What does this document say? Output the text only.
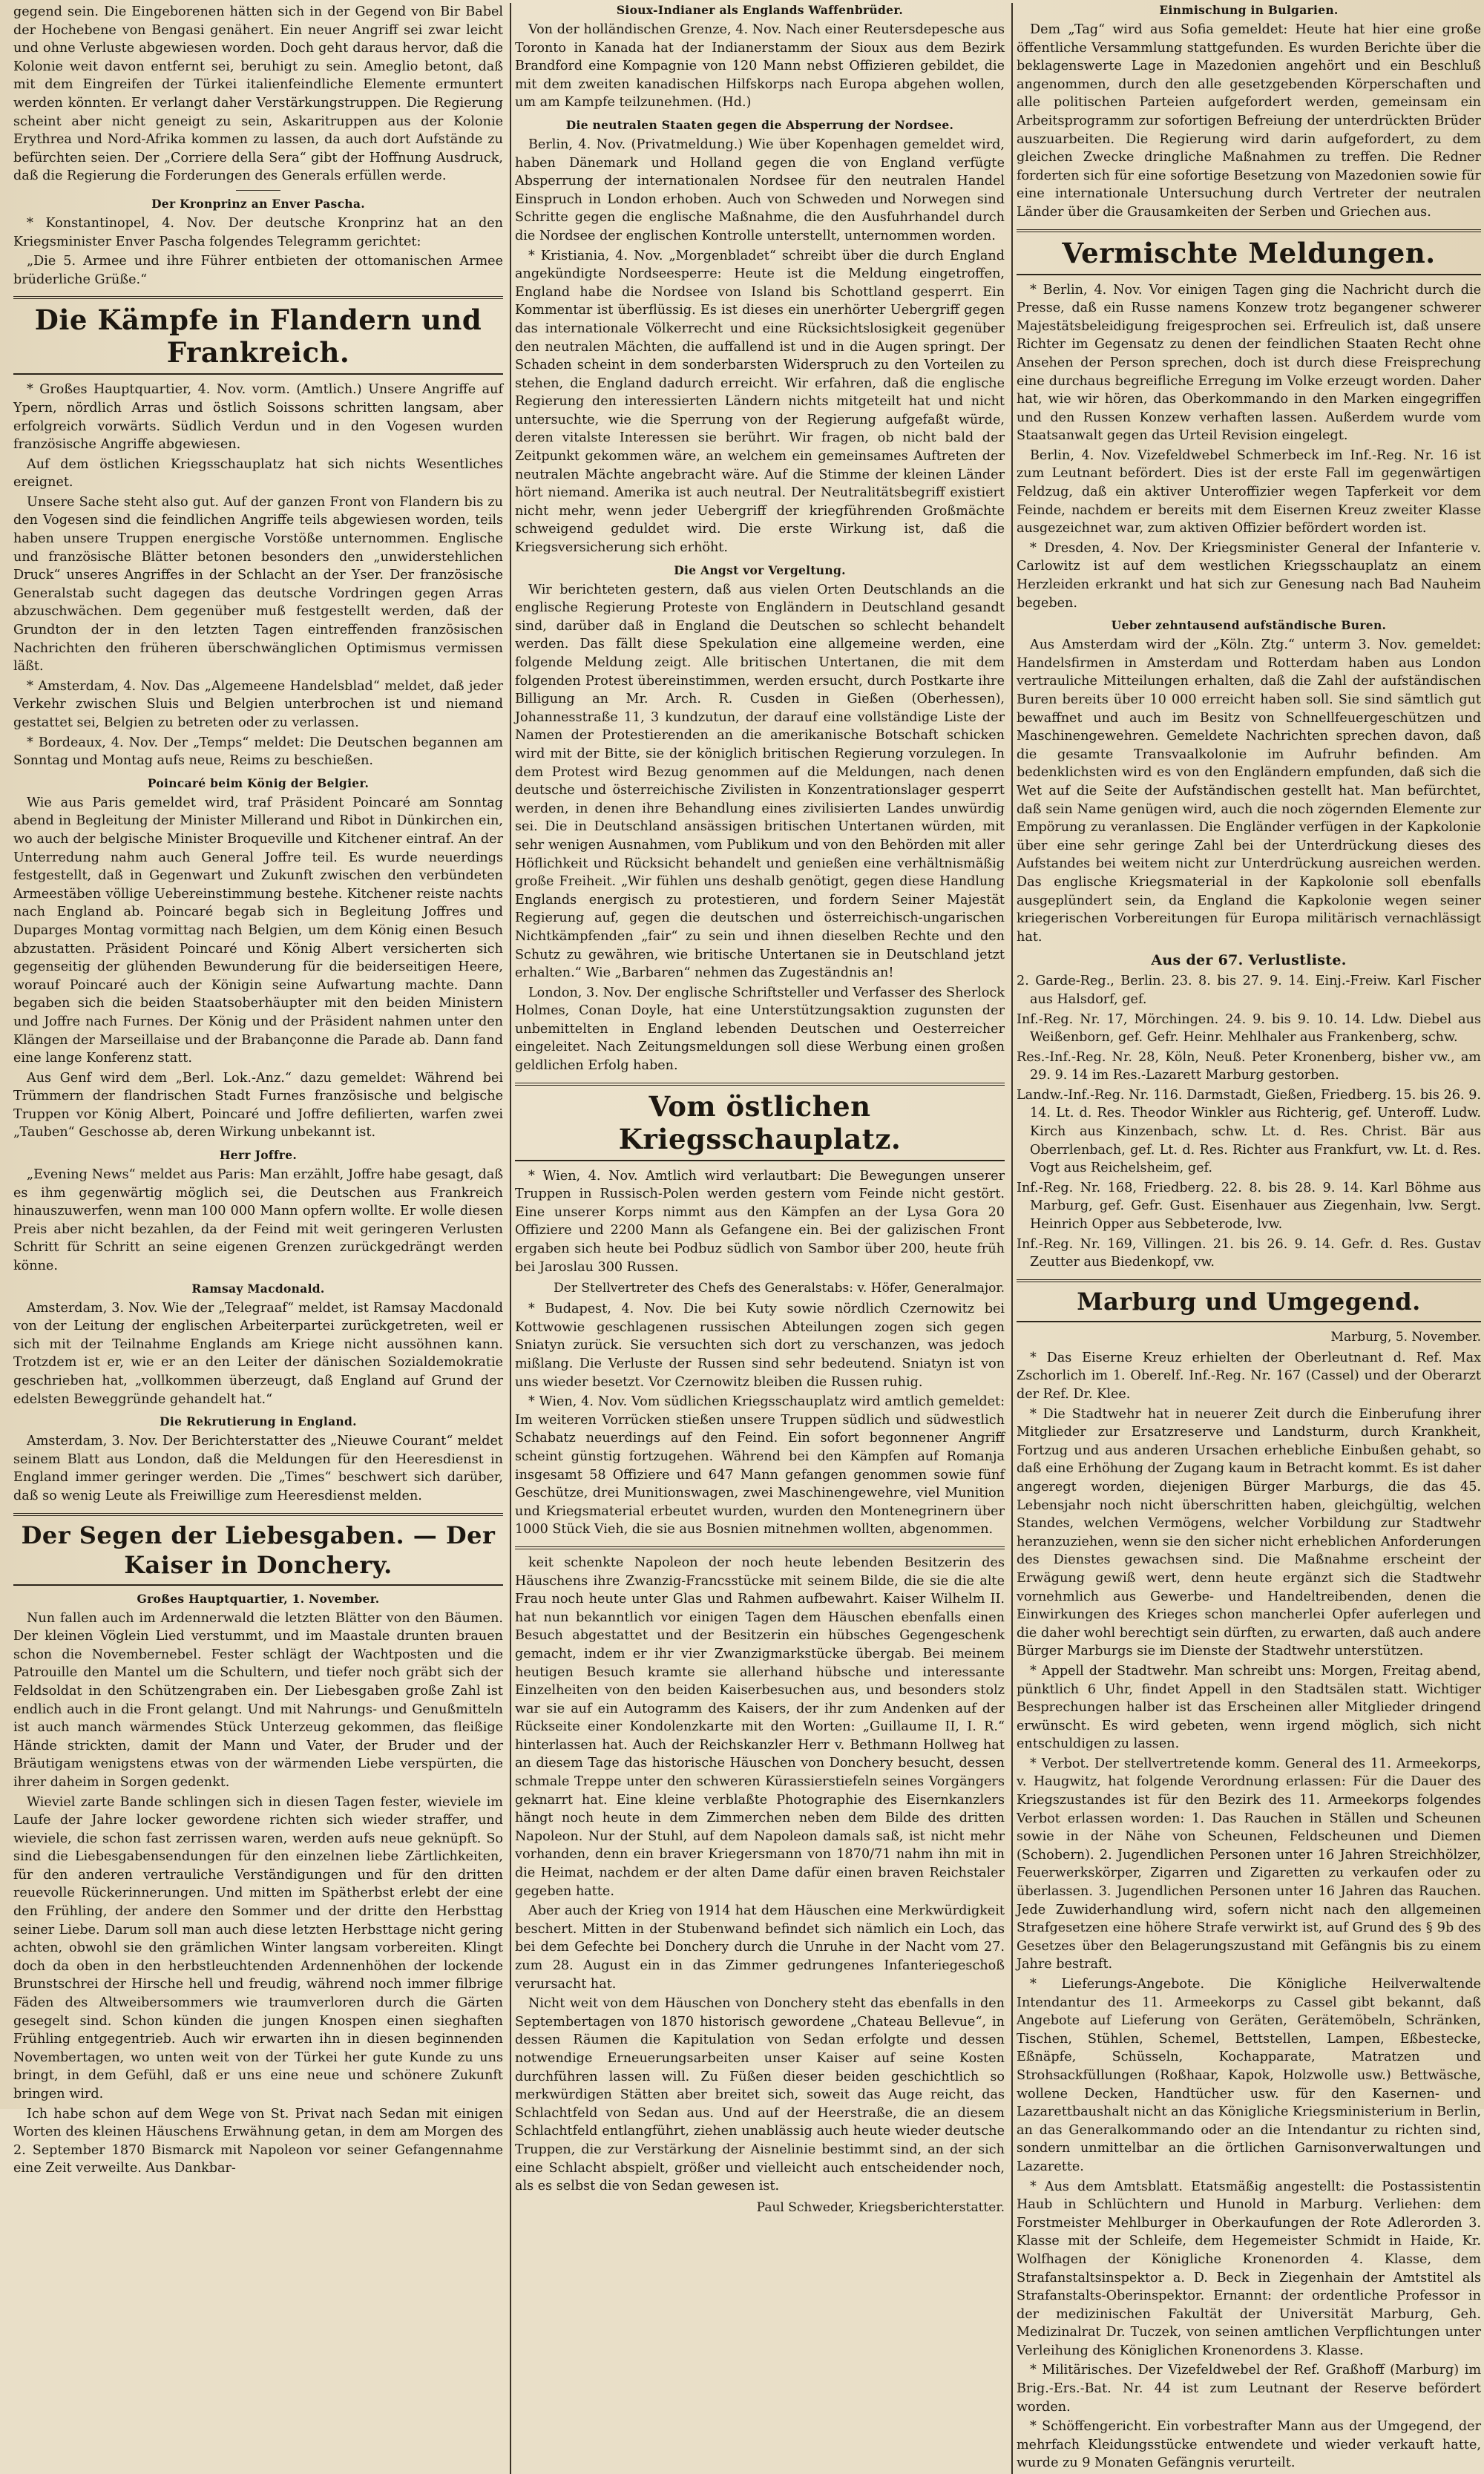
gegend sein. Die Eingeborenen hätten sich in der Gegend von Bir Babel der Hochebene von Bengasi genähert. Ein neuer Angriff sei zwar leicht und ohne Verluste abgewiesen worden. Doch geht daraus hervor, daß die Kolonie weit davon entfernt sei, beruhigt zu sein. Ameglio betont, daß mit dem Eingreifen der Türkei italienfeindliche Elemente ermuntert werden könnten. Er verlangt daher Verstärkungstruppen. Die Regierung scheint aber nicht geneigt zu sein, Askaritruppen aus der Kolonie Erythrea und Nord-Afrika kommen zu lassen, da auch dort Aufstände zu befürchten seien. Der „Corriere della Sera“ gibt der Hoffnung Ausdruck, daß die Regierung die Forderungen des Generals erfüllen werde.

Der Kronprinz an Enver Pascha.

* Konstantinopel, 4. Nov. Der deutsche Kronprinz hat an den Kriegsminister Enver Pascha folgendes Telegramm gerichtet:

„Die 5. Armee und ihre Führer entbieten der ottomanischen Armee brüderliche Grüße.“

Die Kämpfe in Flandern und Frankreich.

* Großes Hauptquartier, 4. Nov. vorm. (Amtlich.) Unsere Angriffe auf Ypern, nördlich Arras und östlich Soissons schritten langsam, aber erfolgreich vorwärts. Südlich Verdun und in den Vogesen wurden französische Angriffe abgewiesen.

Auf dem östlichen Kriegsschauplatz hat sich nichts Wesentliches ereignet.

Unsere Sache steht also gut. Auf der ganzen Front von Flandern bis zu den Vogesen sind die feindlichen Angriffe teils abgewiesen worden, teils haben unsere Truppen energische Vorstöße unternommen. Englische und französische Blätter betonen besonders den „unwiderstehlichen Druck“ unseres Angriffes in der Schlacht an der Yser. Der französische Generalstab sucht dagegen das deutsche Vordringen gegen Arras abzuschwächen. Dem gegenüber muß festgestellt werden, daß der Grundton der in den letzten Tagen eintreffenden französischen Nachrichten den früheren überschwänglichen Optimismus vermissen läßt.

* Amsterdam, 4. Nov. Das „Algemeene Handelsblad“ meldet, daß jeder Verkehr zwischen Sluis und Belgien unterbrochen ist und niemand gestattet sei, Belgien zu betreten oder zu verlassen.

* Bordeaux, 4. Nov. Der „Temps“ meldet: Die Deutschen begannen am Sonntag und Montag aufs neue, Reims zu beschießen.

Poincaré beim König der Belgier.

Wie aus Paris gemeldet wird, traf Präsident Poincaré am Sonntag abend in Begleitung der Minister Millerand und Ribot in Dünkirchen ein, wo auch der belgische Minister Broqueville und Kitchener eintraf. An der Unterredung nahm auch General Joffre teil. Es wurde neuerdings festgestellt, daß in Gegenwart und Zukunft zwischen den verbündeten Armeestäben völlige Uebereinstimmung bestehe. Kitchener reiste nachts nach England ab. Poincaré begab sich in Begleitung Joffres und Duparges Montag vormittag nach Belgien, um dem König einen Besuch abzustatten. Präsident Poincaré und König Albert versicherten sich gegenseitig der glühenden Bewunderung für die beiderseitigen Heere, worauf Poincaré auch der Königin seine Aufwartung machte. Dann begaben sich die beiden Staatsoberhäupter mit den beiden Ministern und Joffre nach Furnes. Der König und der Präsident nahmen unter den Klängen der Marseillaise und der Brabançonne die Parade ab. Dann fand eine lange Konferenz statt.

Aus Genf wird dem „Berl. Lok.-Anz.“ dazu gemeldet: Während bei Trümmern der flandrischen Stadt Furnes französische und belgische Truppen vor König Albert, Poincaré und Joffre defilierten, warfen zwei „Tauben“ Geschosse ab, deren Wirkung unbekannt ist.

Herr Joffre.

„Evening News“ meldet aus Paris: Man erzählt, Joffre habe gesagt, daß es ihm gegenwärtig möglich sei, die Deutschen aus Frankreich hinauszuwerfen, wenn man 100 000 Mann opfern wollte. Er wolle diesen Preis aber nicht bezahlen, da der Feind mit weit geringeren Verlusten Schritt für Schritt an seine eigenen Grenzen zurückgedrängt werden könne.

Ramsay Macdonald.

Amsterdam, 3. Nov. Wie der „Telegraaf“ meldet, ist Ramsay Macdonald von der Leitung der englischen Arbeiterpartei zurückgetreten, weil er sich mit der Teilnahme Englands am Kriege nicht aussöhnen kann. Trotzdem ist er, wie er an den Leiter der dänischen Sozialdemokratie geschrieben hat, „vollkommen überzeugt, daß England auf Grund der edelsten Beweggründe gehandelt hat.“

Die Rekrutierung in England.

Amsterdam, 3. Nov. Der Berichterstatter des „Nieuwe Courant“ meldet seinem Blatt aus London, daß die Meldungen für den Heeresdienst in England immer geringer werden. Die „Times“ beschwert sich darüber, daß so wenig Leute als Freiwillige zum Heeresdienst melden.

Der Segen der Liebesgaben. — Der Kaiser in Donchery.
Großes Hauptquartier, 1. November.

Nun fallen auch im Ardennerwald die letzten Blätter von den Bäumen. Der kleinen Vöglein Lied verstummt, und im Maastale drunten brauen schon die Novembernebel. Fester schlägt der Wachtposten und die Patrouille den Mantel um die Schultern, und tiefer noch gräbt sich der Feldsoldat in den Schützengraben ein. Der Liebesgaben große Zahl ist endlich auch in die Front gelangt. Und mit Nahrungs- und Genußmitteln ist auch manch wärmendes Stück Unterzeug gekommen, das fleißige Hände strickten, damit der Mann und Vater, der Bruder und der Bräutigam wenigstens etwas von der wärmenden Liebe verspürten, die ihrer daheim in Sorgen gedenkt.

Wieviel zarte Bande schlingen sich in diesen Tagen fester, wieviele im Laufe der Jahre locker gewordene richten sich wieder straffer, und wieviele, die schon fast zerrissen waren, werden aufs neue geknüpft. So sind die Liebesgabensendungen für den einzelnen liebe Zärtlichkeiten, für den anderen vertrauliche Verständigungen und für den dritten reuevolle Rückerinnerungen. Und mitten im Spätherbst erlebt der eine den Frühling, der andere den Sommer und der dritte den Herbsttag seiner Liebe. Darum soll man auch diese letzten Herbsttage nicht gering achten, obwohl sie den grämlichen Winter langsam vorbereiten. Klingt doch da oben in den herbstleuchtenden Ardennenhöhen der lockende Brunstschrei der Hirsche hell und freudig, während noch immer filbrige Fäden des Altweibersommers wie traumverloren durch die Gärten gesegelt sind. Schon künden die jungen Knospen einen sieghaften Frühling entgegentrieb. Auch wir erwarten ihn in diesen beginnenden Novembertagen, wo unten weit von der Türkei her gute Kunde zu uns bringt, in dem Gefühl, daß er uns eine neue und schönere Zukunft bringen wird.

Ich habe schon auf dem Wege von St. Privat nach Sedan mit einigen Worten des kleinen Häuschens Erwähnung getan, in dem am Morgen des 2. September 1870 Bismarck mit Napoleon vor seiner Gefangennahme eine Zeit verweilte. Aus Dankbar-

Sioux-Indianer als Englands Waffenbrüder.

Von der holländischen Grenze, 4. Nov. Nach einer Reutersdepesche aus Toronto in Kanada hat der Indianerstamm der Sioux aus dem Bezirk Brandford eine Kompagnie von 120 Mann nebst Offizieren gebildet, die mit dem zweiten kanadischen Hilfskorps nach Europa abgehen wollen, um am Kampfe teilzunehmen. (Hd.)

Die neutralen Staaten gegen die Absperrung der Nordsee.

Berlin, 4. Nov. (Privatmeldung.) Wie über Kopenhagen gemeldet wird, haben Dänemark und Holland gegen die von England verfügte Absperrung der internationalen Nordsee für den neutralen Handel Einspruch in London erhoben. Auch von Schweden und Norwegen sind Schritte gegen die englische Maßnahme, die den Ausfuhrhandel durch die Nordsee der englischen Kontrolle unterstellt, unternommen worden.

* Kristiania, 4. Nov. „Morgenbladet“ schreibt über die durch England angekündigte Nordseesperre: Heute ist die Meldung eingetroffen, England habe die Nordsee von Island bis Schottland gesperrt. Ein Kommentar ist überflüssig. Es ist dieses ein unerhörter Uebergriff gegen das internationale Völkerrecht und eine Rücksichtslosigkeit gegenüber den neutralen Mächten, die auffallend ist und in die Augen springt. Der Schaden scheint in dem sonderbarsten Widerspruch zu den Vorteilen zu stehen, die England dadurch erreicht. Wir erfahren, daß die englische Regierung den interessierten Ländern nichts mitgeteilt hat und nicht untersuchte, wie die Sperrung von der Regierung aufgefaßt würde, deren vitalste Interessen sie berührt. Wir fragen, ob nicht bald der Zeitpunkt gekommen wäre, an welchem ein gemeinsames Auftreten der neutralen Mächte angebracht wäre. Auf die Stimme der kleinen Länder hört niemand. Amerika ist auch neutral. Der Neutralitätsbegriff existiert nicht mehr, wenn jeder Uebergriff der kriegführenden Großmächte schweigend geduldet wird. Die erste Wirkung ist, daß die Kriegsversicherung sich erhöht.

Die Angst vor Vergeltung.

Wir berichteten gestern, daß aus vielen Orten Deutschlands an die englische Regierung Proteste von Engländern in Deutschland gesandt sind, darüber daß in England die Deutschen so schlecht behandelt werden. Das fällt diese Spekulation eine allgemeine werden, eine folgende Meldung zeigt. Alle britischen Untertanen, die mit dem folgenden Protest übereinstimmen, werden ersucht, durch Postkarte ihre Billigung an Mr. Arch. R. Cusden in Gießen (Oberhessen), Johannesstraße 11, 3 kundzutun, der darauf eine vollständige Liste der Namen der Protestierenden an die amerikanische Botschaft schicken wird mit der Bitte, sie der königlich britischen Regierung vorzulegen. In dem Protest wird Bezug genommen auf die Meldungen, nach denen deutsche und österreichische Zivilisten in Konzentrationslager gesperrt werden, in denen ihre Behandlung eines zivilisierten Landes unwürdig sei. Die in Deutschland ansässigen britischen Untertanen würden, mit sehr wenigen Ausnahmen, vom Publikum und von den Behörden mit aller Höflichkeit und Rücksicht behandelt und genießen eine verhältnismäßig große Freiheit. „Wir fühlen uns deshalb genötigt, gegen diese Handlung Englands energisch zu protestieren, und fordern Seiner Majestät Regierung auf, gegen die deutschen und österreichisch-ungarischen Nichtkämpfenden „fair“ zu sein und ihnen dieselben Rechte und den Schutz zu gewähren, wie britische Untertanen sie in Deutschland jetzt erhalten.“ Wie „Barbaren“ nehmen das Zugeständnis an!

London, 3. Nov. Der englische Schriftsteller und Verfasser des Sherlock Holmes, Conan Doyle, hat eine Unterstützungsaktion zugunsten der unbemittelten in England lebenden Deutschen und Oesterreicher eingeleitet. Nach Zeitungsmeldungen soll diese Werbung einen großen geldlichen Erfolg haben.

Vom östlichen Kriegsschauplatz.

* Wien, 4. Nov. Amtlich wird verlautbart: Die Bewegungen unserer Truppen in Russisch-Polen werden gestern vom Feinde nicht gestört. Eine unserer Korps nimmt aus den Kämpfen an der Lysa Gora 20 Offiziere und 2200 Mann als Gefangene ein. Bei der galizischen Front ergaben sich heute bei Podbuz südlich von Sambor über 200, heute früh bei Jaroslau 300 Russen.

Der Stellvertreter des Chefs des Generalstabs: v. Höfer, Generalmajor.

* Budapest, 4. Nov. Die bei Kuty sowie nördlich Czernowitz bei Kottwowie geschlagenen russischen Abteilungen zogen sich gegen Sniatyn zurück. Sie versuchten sich dort zu verschanzen, was jedoch mißlang. Die Verluste der Russen sind sehr bedeutend. Sniatyn ist von uns wieder besetzt. Vor Czernowitz bleiben die Russen ruhig.

* Wien, 4. Nov. Vom südlichen Kriegsschauplatz wird amtlich gemeldet: Im weiteren Vorrücken stießen unsere Truppen südlich und südwestlich Schabatz neuerdings auf den Feind. Ein sofort begonnener Angriff scheint günstig fortzugehen. Während bei den Kämpfen auf Romanja insgesamt 58 Offiziere und 647 Mann gefangen genommen sowie fünf Geschütze, drei Munitionswagen, zwei Maschinengewehre, viel Munition und Kriegsmaterial erbeutet wurden, wurden den Montenegrinern über 1000 Stück Vieh, die sie aus Bosnien mitnehmen wollten, abgenommen.

keit schenkte Napoleon der noch heute lebenden Besitzerin des Häuschens ihre Zwanzig-Francsstücke mit seinem Bilde, die sie die alte Frau noch heute unter Glas und Rahmen aufbewahrt. Kaiser Wilhelm II. hat nun bekanntlich vor einigen Tagen dem Häuschen ebenfalls einen Besuch abgestattet und der Besitzerin ein hübsches Gegengeschenk gemacht, indem er ihr vier Zwanzigmarkstücke übergab. Bei meinem heutigen Besuch kramte sie allerhand hübsche und interessante Einzelheiten von den beiden Kaiserbesuchen aus, und besonders stolz war sie auf ein Autogramm des Kaisers, der ihr zum Andenken auf der Rückseite einer Kondolenzkarte mit den Worten: „Guillaume II, I. R.“ hinterlassen hat. Auch der Reichskanzler Herr v. Bethmann Hollweg hat an diesem Tage das historische Häuschen von Donchery besucht, dessen schmale Treppe unter den schweren Kürassierstiefeln seines Vorgängers geknarrt hat. Eine kleine verblaßte Photographie des Eisernkanzlers hängt noch heute in dem Zimmerchen neben dem Bilde des dritten Napoleon. Nur der Stuhl, auf dem Napoleon damals saß, ist nicht mehr vorhanden, denn ein braver Kriegersmann von 1870/71 nahm ihn mit in die Heimat, nachdem er der alten Dame dafür einen braven Reichstaler gegeben hatte.

Aber auch der Krieg von 1914 hat dem Häuschen eine Merkwürdigkeit beschert. Mitten in der Stubenwand befindet sich nämlich ein Loch, das bei dem Gefechte bei Donchery durch die Unruhe in der Nacht vom 27. zum 28. August ein in das Zimmer gedrungenes Infanteriegeschoß verursacht hat.

Nicht weit von dem Häuschen von Donchery steht das ebenfalls in den Septembertagen von 1870 historisch gewordene „Chateau Bellevue“, in dessen Räumen die Kapitulation von Sedan erfolgte und dessen notwendige Erneuerungsarbeiten unser Kaiser auf seine Kosten durchführen lassen will. Zu Füßen dieser beiden geschichtlich so merkwürdigen Stätten aber breitet sich, soweit das Auge reicht, das Schlachtfeld von Sedan aus. Und auf der Heerstraße, die an diesem Schlachtfeld entlangführt, ziehen unablässig auch heute wieder deutsche Truppen, die zur Verstärkung der Aisnelinie bestimmt sind, an der sich eine Schlacht abspielt, größer und vielleicht auch entscheidender noch, als es selbst die von Sedan gewesen ist.

Paul Schweder, Kriegsberichterstatter.
Einmischung in Bulgarien.

Dem „Tag“ wird aus Sofia gemeldet: Heute hat hier eine große öffentliche Versammlung stattgefunden. Es wurden Berichte über die beklagenswerte Lage in Mazedonien angehört und ein Beschluß angenommen, durch den alle gesetzgebenden Körperschaften und alle politischen Parteien aufgefordert werden, gemeinsam ein Arbeitsprogramm zur sofortigen Befreiung der unterdrückten Brüder auszuarbeiten. Die Regierung wird darin aufgefordert, zu dem gleichen Zwecke dringliche Maßnahmen zu treffen. Die Redner forderten sich für eine sofortige Besetzung von Mazedonien sowie für eine internationale Untersuchung durch Vertreter der neutralen Länder über die Grausamkeiten der Serben und Griechen aus.

Vermischte Meldungen.

* Berlin, 4. Nov. Vor einigen Tagen ging die Nachricht durch die Presse, daß ein Russe namens Konzew trotz begangener schwerer Majestätsbeleidigung freigesprochen sei. Erfreulich ist, daß unsere Richter im Gegensatz zu denen der feindlichen Staaten Recht ohne Ansehen der Person sprechen, doch ist durch diese Freisprechung eine durchaus begreifliche Erregung im Volke erzeugt worden. Daher hat, wie wir hören, das Oberkommando in den Marken eingegriffen und den Russen Konzew verhaften lassen. Außerdem wurde vom Staatsanwalt gegen das Urteil Revision eingelegt.

Berlin, 4. Nov. Vizefeldwebel Schmerbeck im Inf.-Reg. Nr. 16 ist zum Leutnant befördert. Dies ist der erste Fall im gegenwärtigen Feldzug, daß ein aktiver Unteroffizier wegen Tapferkeit vor dem Feinde, nachdem er bereits mit dem Eisernen Kreuz zweiter Klasse ausgezeichnet war, zum aktiven Offizier befördert worden ist.

* Dresden, 4. Nov. Der Kriegsminister General der Infanterie v. Carlowitz ist auf dem westlichen Kriegsschauplatz an einem Herzleiden erkrankt und hat sich zur Genesung nach Bad Nauheim begeben.

Ueber zehntausend aufständische Buren.

Aus Amsterdam wird der „Köln. Ztg.“ unterm 3. Nov. gemeldet: Handelsfirmen in Amsterdam und Rotterdam haben aus London vertrauliche Mitteilungen erhalten, daß die Zahl der aufständischen Buren bereits über 10 000 erreicht haben soll. Sie sind sämtlich gut bewaffnet und auch im Besitz von Schnellfeuergeschützen und Maschinengewehren. Gemeldete Nachrichten sprechen davon, daß die gesamte Transvaalkolonie im Aufruhr befinden. Am bedenklichsten wird es von den Engländern empfunden, daß sich die Wet auf die Seite der Aufständischen gestellt hat. Man befürchtet, daß sein Name genügen wird, auch die noch zögernden Elemente zur Empörung zu veranlassen. Die Engländer verfügen in der Kapkolonie über eine sehr geringe Zahl bei der Unterdrückung dieses des Aufstandes bei weitem nicht zur Unterdrückung ausreichen werden. Das englische Kriegsmaterial in der Kapkolonie soll ebenfalls ausgeplündert sein, da England die Kapkolonie wegen seiner kriegerischen Vorbereitungen für Europa militärisch vernachlässigt hat.

Aus der 67. Verlustliste.

2. Garde-Reg., Berlin. 23. 8. bis 27. 9. 14. Einj.-Freiw. Karl Fischer aus Halsdorf, gef.

Inf.-Reg. Nr. 17, Mörchingen. 24. 9. bis 9. 10. 14. Ldw. Diebel aus Weißenborn, gef. Gefr. Heinr. Mehlhaler aus Frankenberg, schw.

Res.-Inf.-Reg. Nr. 28, Köln, Neuß. Peter Kronenberg, bisher vw., am 29. 9. 14 im Res.-Lazarett Marburg gestorben.

Landw.-Inf.-Reg. Nr. 116. Darmstadt, Gießen, Friedberg. 15. bis 26. 9. 14. Lt. d. Res. Theodor Winkler aus Richterig, gef. Unteroff. Ludw. Kirch aus Kinzenbach, schw. Lt. d. Res. Christ. Bär aus Oberrlenbach, gef. Lt. d. Res. Richter aus Frankfurt, vw. Lt. d. Res. Vogt aus Reichelsheim, gef.

Inf.-Reg. Nr. 168, Friedberg. 22. 8. bis 28. 9. 14. Karl Böhme aus Marburg, gef. Gefr. Gust. Eisenhauer aus Ziegenhain, lvw. Sergt. Heinrich Opper aus Sebbeterode, lvw.

Inf.-Reg. Nr. 169, Villingen. 21. bis 26. 9. 14. Gefr. d. Res. Gustav Zeutter aus Biedenkopf, vw.

Marburg und Umgegend.
Marburg, 5. November.

* Das Eiserne Kreuz erhielten der Oberleutnant d. Ref. Max Zschorlich im 1. Oberelf. Inf.-Reg. Nr. 167 (Cassel) und der Oberarzt der Ref. Dr. Klee.

* Die Stadtwehr hat in neuerer Zeit durch die Einberufung ihrer Mitglieder zur Ersatzreserve und Landsturm, durch Krankheit, Fortzug und aus anderen Ursachen erhebliche Einbußen gehabt, so daß eine Erhöhung der Zugang kaum in Betracht kommt. Es ist daher angeregt worden, diejenigen Bürger Marburgs, die das 45. Lebensjahr noch nicht überschritten haben, gleichgültig, welchen Standes, welchen Vermögens, welcher Vorbildung zur Stadtwehr heranzuziehen, wenn sie den sicher nicht erheblichen Anforderungen des Dienstes gewachsen sind. Die Maßnahme erscheint der Erwägung gewiß wert, denn heute ergänzt sich die Stadtwehr vornehmlich aus Gewerbe- und Handeltreibenden, denen die Einwirkungen des Krieges schon mancherlei Opfer auferlegen und die daher wohl berechtigt sein dürften, zu erwarten, daß auch andere Bürger Marburgs sie im Dienste der Stadtwehr unterstützen.

* Appell der Stadtwehr. Man schreibt uns: Morgen, Freitag abend, pünktlich 6 Uhr, findet Appell in den Stadtsälen statt. Wichtiger Besprechungen halber ist das Erscheinen aller Mitglieder dringend erwünscht. Es wird gebeten, wenn irgend möglich, sich nicht entschuldigen zu lassen.

* Verbot. Der stellvertretende komm. General des 11. Armeekorps, v. Haugwitz, hat folgende Verordnung erlassen: Für die Dauer des Kriegszustandes ist für den Bezirk des 11. Armeekorps folgendes Verbot erlassen worden: 1. Das Rauchen in Ställen und Scheunen sowie in der Nähe von Scheunen, Feldscheunen und Diemen (Schobern). 2. Jugendlichen Personen unter 16 Jahren Streichhölzer, Feuerwerkskörper, Zigarren und Zigaretten zu verkaufen oder zu überlassen. 3. Jugendlichen Personen unter 16 Jahren das Rauchen. Jede Zuwiderhandlung wird, sofern nicht nach den allgemeinen Strafgesetzen eine höhere Strafe verwirkt ist, auf Grund des § 9b des Gesetzes über den Belagerungszustand mit Gefängnis bis zu einem Jahre bestraft.

* Lieferungs-Angebote. Die Königliche Heilverwaltende Intendantur des 11. Armeekorps zu Cassel gibt bekannt, daß Angebote auf Lieferung von Geräten, Gerätemöbeln, Schränken, Tischen, Stühlen, Schemel, Bettstellen, Lampen, Eßbestecke, Eßnäpfe, Schüsseln, Kochapparate, Matratzen und Strohsackfüllungen (Roßhaar, Kapok, Holzwolle usw.) Bettwäsche, wollene Decken, Handtücher usw. für den Kasernen- und Lazarettbaushalt nicht an das Königliche Kriegsministerium in Berlin, an das Generalkommando oder an die Intendantur zu richten sind, sondern unmittelbar an die örtlichen Garnisonverwaltungen und Lazarette.

* Aus dem Amtsblatt. Etatsmäßig angestellt: die Postassistentin Haub in Schlüchtern und Hunold in Marburg. Verliehen: dem Forstmeister Mehlburger in Oberkaufungen der Rote Adlerorden 3. Klasse mit der Schleife, dem Hegemeister Schmidt in Haide, Kr. Wolfhagen der Königliche Kronenorden 4. Klasse, dem Strafanstaltsinspektor a. D. Beck in Ziegenhain der Amtstitel als Strafanstalts-Oberinspektor. Ernannt: der ordentliche Professor in der medizinischen Fakultät der Universität Marburg, Geh. Medizinalrat Dr. Tuczek, von seinen amtlichen Verpflichtungen unter Verleihung des Königlichen Kronenordens 3. Klasse.

* Militärisches. Der Vizefeldwebel der Ref. Graßhoff (Marburg) im Brig.-Ers.-Bat. Nr. 44 ist zum Leutnant der Reserve befördert worden.

* Schöffengericht. Ein vorbestrafter Mann aus der Umgegend, der mehrfach Kleidungsstücke entwendete und wieder verkauft hatte, wurde zu 9 Monaten Gefängnis verurteilt.
